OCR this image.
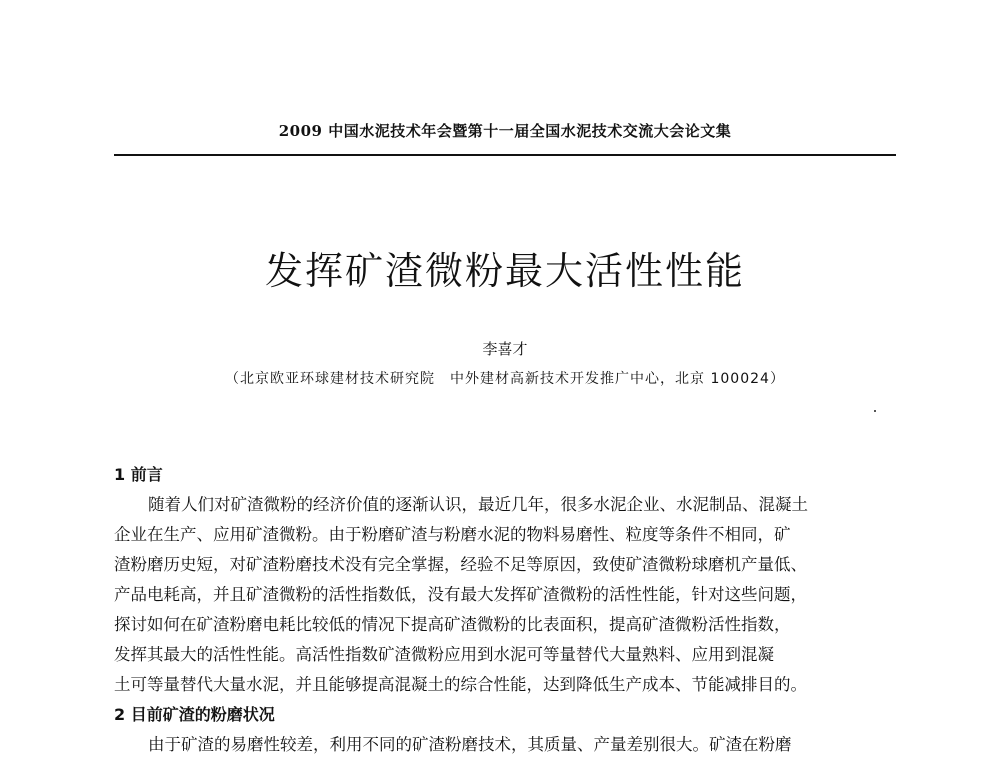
2009 中国水泥技术年会暨第十一届全国水泥技术交流大会论文集
发挥矿渣微粉最大活性性能
李喜才
（北京欧亚环球建材技术研究院　中外建材高新技术开发推广中心，北京 100024）
1 前言
随着人们对矿渣微粉的经济价值的逐渐认识，最近几年，很多水泥企业、水泥制品、混凝土
企业在生产、应用矿渣微粉。由于粉磨矿渣与粉磨水泥的物料易磨性、粒度等条件不相同，矿
渣粉磨历史短，对矿渣粉磨技术没有完全掌握，经验不足等原因，致使矿渣微粉球磨机产量低、
产品电耗高，并且矿渣微粉的活性指数低，没有最大发挥矿渣微粉的活性性能，针对这些问题，
探讨如何在矿渣粉磨电耗比较低的情况下提高矿渣微粉的比表面积，提高矿渣微粉活性指数，
发挥其最大的活性性能。高活性指数矿渣微粉应用到水泥可等量替代大量熟料、应用到混凝
土可等量替代大量水泥，并且能够提高混凝土的综合性能，达到降低生产成本、节能减排目的。
2 目前矿渣的粉磨状况
由于矿渣的易磨性较差，利用不同的矿渣粉磨技术，其质量、产量差别很大。矿渣在粉磨
